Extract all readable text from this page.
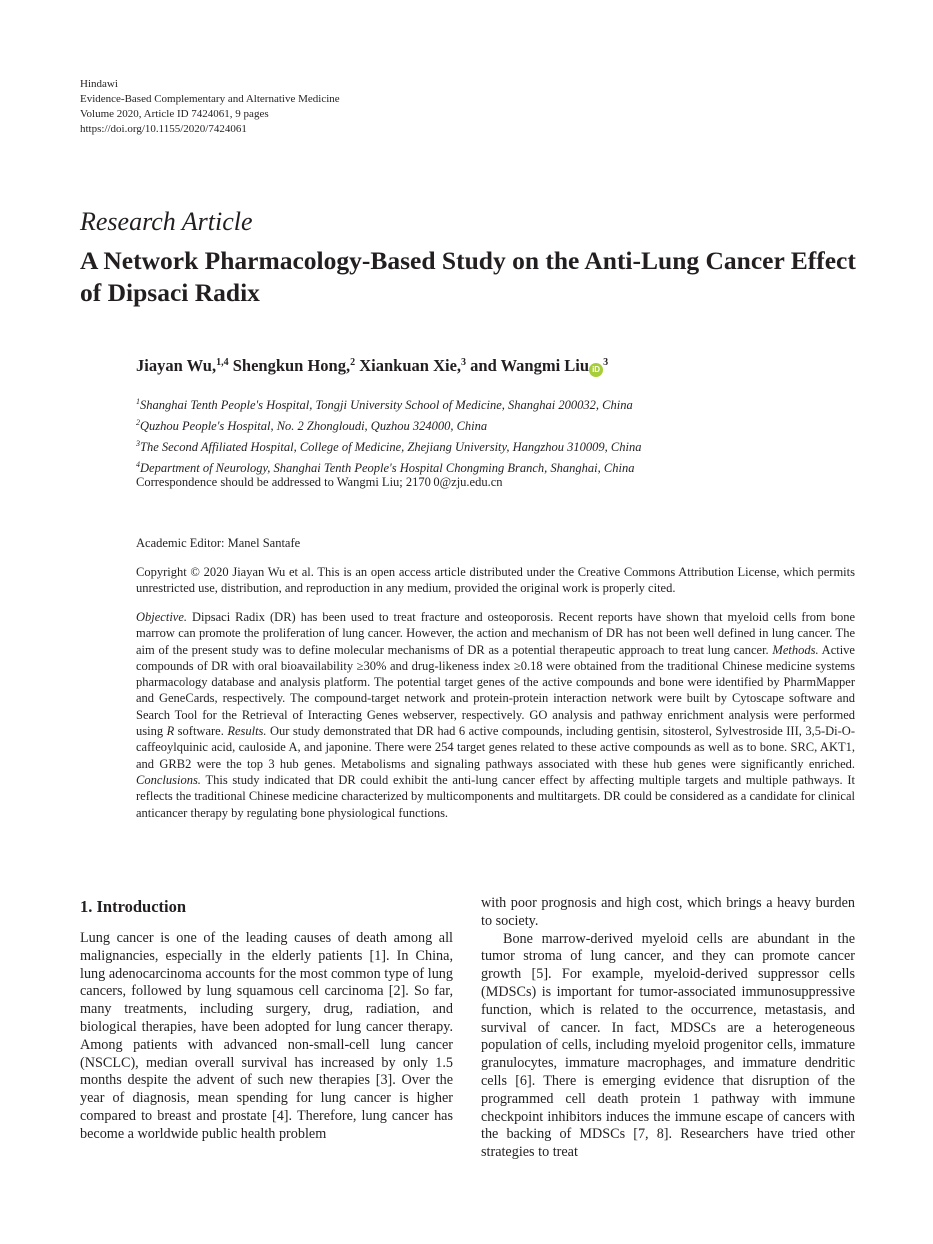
Hindawi
Evidence-Based Complementary and Alternative Medicine
Volume 2020, Article ID 7424061, 9 pages
https://doi.org/10.1155/2020/7424061
Research Article
A Network Pharmacology-Based Study on the Anti-Lung Cancer Effect of Dipsaci Radix
Jiayan Wu,$^{1,4}$ Shengkun Hong,$^2$ Xiankuan Xie,$^3$ and Wangmi Liu $iD^3$
$^1$Shanghai Tenth People's Hospital, Tongji University School of Medicine, Shanghai 200032, China
$^2$Quzhou People's Hospital, No. 2 Zhongloudi, Quzhou 324000, China
$^3$The Second Affiliated Hospital, College of Medicine, Zhejiang University, Hangzhou 310009, China
$^4$Department of Neurology, Shanghai Tenth People's Hospital Chongming Branch, Shanghai, China
Correspondence should be addressed to Wangmi Liu; 2170 0@zju.edu.cn
Academic Editor: Manel Santafe
Copyright © 2020 Jiayan Wu et al. This is an open access article distributed under the Creative Commons Attribution License, which permits unrestricted use, distribution, and reproduction in any medium, provided the original work is properly cited.
Objective. Dipsaci Radix (DR) has been used to treat fracture and osteoporosis. Recent reports have shown that myeloid cells from bone marrow can promote the proliferation of lung cancer. However, the action and mechanism of DR has not been well defined in lung cancer. The aim of the present study was to define molecular mechanisms of DR as a potential therapeutic approach to treat lung cancer. Methods. Active compounds of DR with oral bioavailability ≥30% and drug-likeness index ≥0.18 were obtained from the traditional Chinese medicine systems pharmacology database and analysis platform. The potential target genes of the active compounds and bone were identified by PharmMapper and GeneCards, respectively. The compound-target network and protein-protein interaction network were built by Cytoscape software and Search Tool for the Retrieval of Interacting Genes webserver, respectively. GO analysis and pathway enrichment analysis were performed using R software. Results. Our study demonstrated that DR had 6 active compounds, including gentisin, sitosterol, Sylvestroside III, 3,5-Di-O-caffeoylquinic acid, cauloside A, and japonine. There were 254 target genes related to these active compounds as well as to bone. SRC, AKT1, and GRB2 were the top 3 hub genes. Metabolisms and signaling pathways associated with these hub genes were significantly enriched. Conclusions. This study indicated that DR could exhibit the anti-lung cancer effect by affecting multiple targets and multiple pathways. It reflects the traditional Chinese medicine characterized by multicomponents and multitargets. DR could be considered as a candidate for clinical anticancer therapy by regulating bone physiological functions.
1. Introduction

Lung cancer is one of the leading causes of death among all malignancies, especially in the elderly patients [1]. In China, lung adenocarcinoma accounts for the most common type of lung cancers, followed by lung squamous cell carcinoma [2]. So far, many treatments, including surgery, drug, radiation, and biological therapies, have been adopted for lung cancer therapy. Among patients with advanced non-small-cell lung cancer (NSCLC), median overall survival has increased by only 1.5 months despite the advent of such new therapies [3]. Over the year of diagnosis, mean spending for lung cancer is higher compared to breast and prostate [4]. Therefore, lung cancer has become a worldwide public health problem

with poor prognosis and high cost, which brings a heavy burden to society.

Bone marrow-derived myeloid cells are abundant in the tumor stroma of lung cancer, and they can promote cancer growth [5]. For example, myeloid-derived suppressor cells (MDSCs) is important for tumor-associated immunosuppressive function, which is related to the occurrence, metastasis, and survival of cancer. In fact, MDSCs are a heterogeneous population of cells, including myeloid progenitor cells, immature granulocytes, immature macrophages, and immature dendritic cells [6]. There is emerging evidence that disruption of the programmed cell death protein 1 pathway with immune checkpoint inhibitors induces the immune escape of cancers with the backing of MDSCs [7, 8]. Researchers have tried other strategies to treat
